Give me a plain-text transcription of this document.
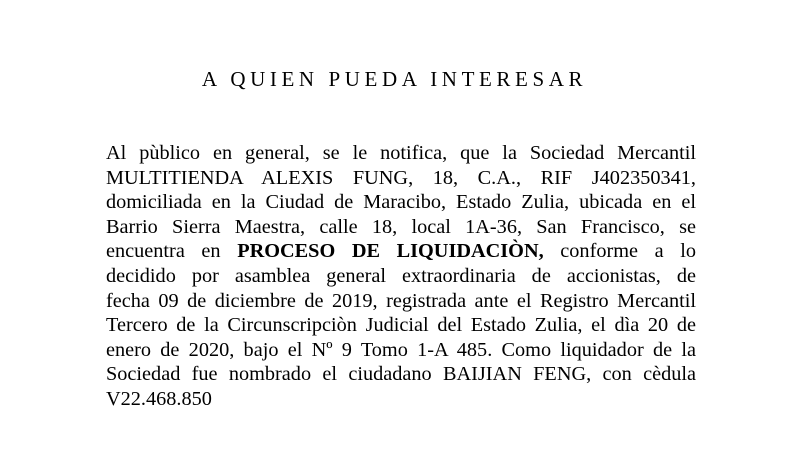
A QUIEN PUEDA INTERESAR
Al pùblico en general, se le notifica, que la Sociedad Mercantil
MULTITIENDA ALEXIS FUNG, 18, C.A., RIF J402350341,
domiciliada en la Ciudad de Maracibo, Estado Zulia, ubicada en el
Barrio Sierra Maestra, calle 18, local 1A-36, San Francisco, se
encuentra en PROCESO DE LIQUIDACIÒN, conforme a lo
decidido por asamblea general extraordinaria de accionistas, de
fecha 09 de diciembre de 2019, registrada ante el Registro Mercantil
Tercero de la Circunscripciòn Judicial del Estado Zulia, el dìa 20 de
enero de 2020, bajo el Nº 9 Tomo 1-A 485. Como liquidador de la
Sociedad fue nombrado el ciudadano BAIJIAN FENG, con cèdula
V22.468.850
